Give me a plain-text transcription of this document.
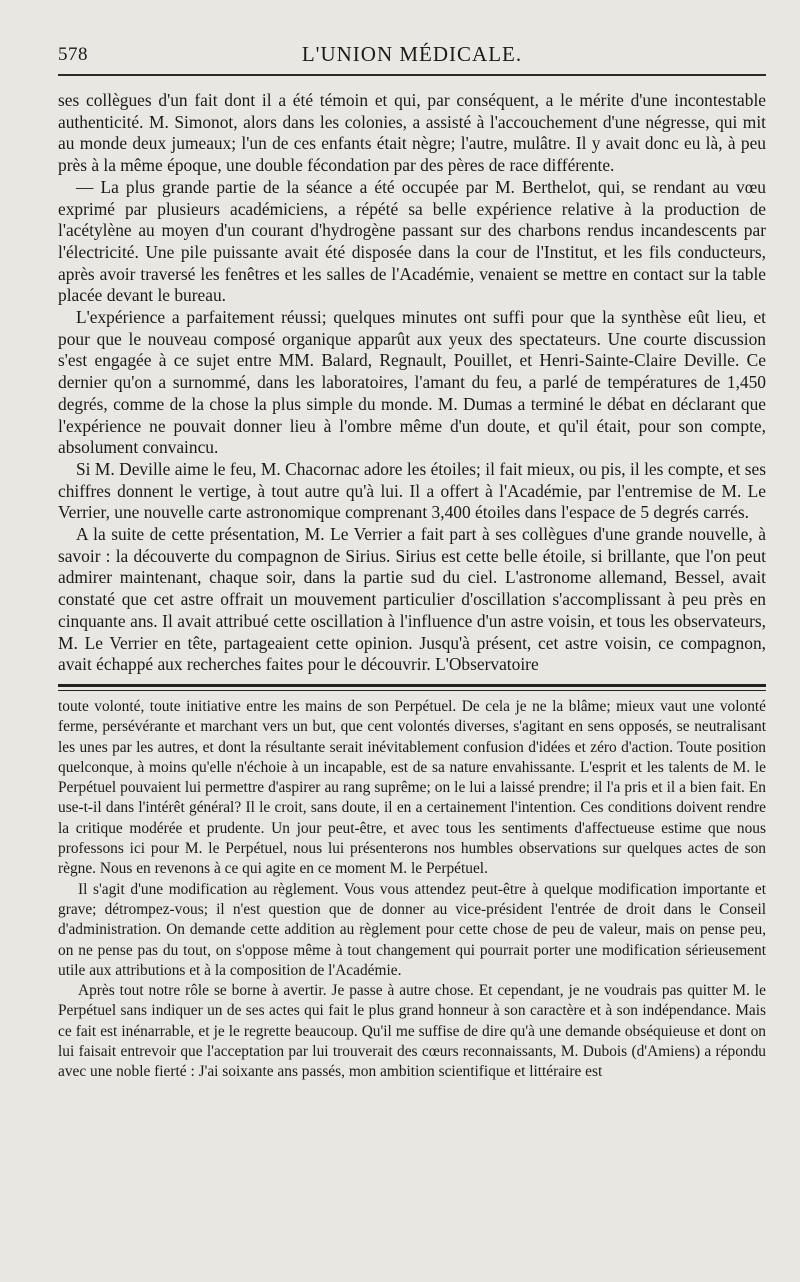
578	L'UNION MÉDICALE.

ses collègues d'un fait dont il a été témoin et qui, par conséquent, a le mérite d'une incontestable authenticité. M. Simonot, alors dans les colonies, a assisté à l'accouchement d'une négresse, qui mit au monde deux jumeaux; l'un de ces enfants était nègre; l'autre, mulâtre. Il y avait donc eu là, à peu près à la même époque, une double fécondation par des pères de race différente.

— La plus grande partie de la séance a été occupée par M. Berthelot, qui, se rendant au vœu exprimé par plusieurs académiciens, a répété sa belle expérience relative à la production de l'acétylène au moyen d'un courant d'hydrogène passant sur des charbons rendus incandescents par l'électricité. Une pile puissante avait été disposée dans la cour de l'Institut, et les fils conducteurs, après avoir traversé les fenêtres et les salles de l'Académie, venaient se mettre en contact sur la table placée devant le bureau.

L'expérience a parfaitement réussi; quelques minutes ont suffi pour que la synthèse eût lieu, et pour que le nouveau composé organique apparût aux yeux des spectateurs. Une courte discussion s'est engagée à ce sujet entre MM. Balard, Regnault, Pouillet, et Henri-Sainte-Claire Deville. Ce dernier qu'on a surnommé, dans les laboratoires, l'amant du feu, a parlé de températures de 1,450 degrés, comme de la chose la plus simple du monde. M. Dumas a terminé le débat en déclarant que l'expérience ne pouvait donner lieu à l'ombre même d'un doute, et qu'il était, pour son compte, absolument convaincu.

Si M. Deville aime le feu, M. Chacornac adore les étoiles; il fait mieux, ou pis, il les compte, et ses chiffres donnent le vertige, à tout autre qu'à lui. Il a offert à l'Académie, par l'entremise de M. Le Verrier, une nouvelle carte astronomique comprenant 3,400 étoiles dans l'espace de 5 degrés carrés.

A la suite de cette présentation, M. Le Verrier a fait part à ses collègues d'une grande nouvelle, à savoir : la découverte du compagnon de Sirius. Sirius est cette belle étoile, si brillante, que l'on peut admirer maintenant, chaque soir, dans la partie sud du ciel. L'astronome allemand, Bessel, avait constaté que cet astre offrait un mouvement particulier d'oscillation s'accomplissant à peu près en cinquante ans. Il avait attribué cette oscillation à l'influence d'un astre voisin, et tous les observateurs, M. Le Verrier en tête, partageaient cette opinion. Jusqu'à présent, cet astre voisin, ce compagnon, avait échappé aux recherches faites pour le découvrir. L'Observatoire

toute volonté, toute initiative entre les mains de son Perpétuel. De cela je ne la blâme; mieux vaut une volonté ferme, persévérante et marchant vers un but, que cent volontés diverses, s'agitant en sens opposés, se neutralisant les unes par les autres, et dont la résultante serait inévitablement confusion d'idées et zéro d'action. Toute position quelconque, à moins qu'elle n'échoie à un incapable, est de sa nature envahissante. L'esprit et les talents de M. le Perpétuel pouvaient lui permettre d'aspirer au rang suprême; on le lui a laissé prendre; il l'a pris et il a bien fait. En use-t-il dans l'intérêt général? Il le croit, sans doute, il en a certainement l'intention. Ces conditions doivent rendre la critique modérée et prudente. Un jour peut-être, et avec tous les sentiments d'affectueuse estime que nous professons ici pour M. le Perpétuel, nous lui présenterons nos humbles observations sur quelques actes de son règne. Nous en revenons à ce qui agite en ce moment M. le Perpétuel.

Il s'agit d'une modification au règlement. Vous vous attendez peut-être à quelque modification importante et grave; détrompez-vous; il n'est question que de donner au vice-président l'entrée de droit dans le Conseil d'administration. On demande cette addition au règlement pour cette chose de peu de valeur, mais on pense peu, on ne pense pas du tout, on s'oppose même à tout changement qui pourrait porter une modification sérieusement utile aux attributions et à la composition de l'Académie.

Après tout notre rôle se borne à avertir. Je passe à autre chose. Et cependant, je ne voudrais pas quitter M. le Perpétuel sans indiquer un de ses actes qui fait le plus grand honneur à son caractère et à son indépendance. Mais ce fait est inénarrable, et je le regrette beaucoup. Qu'il me suffise de dire qu'à une demande obséquieuse et dont on lui faisait entrevoir que l'acceptation par lui trouverait des cœurs reconnaissants, M. Dubois (d'Amiens) a répondu avec une noble fierté : J'ai soixante ans passés, mon ambition scientifique et littéraire est
